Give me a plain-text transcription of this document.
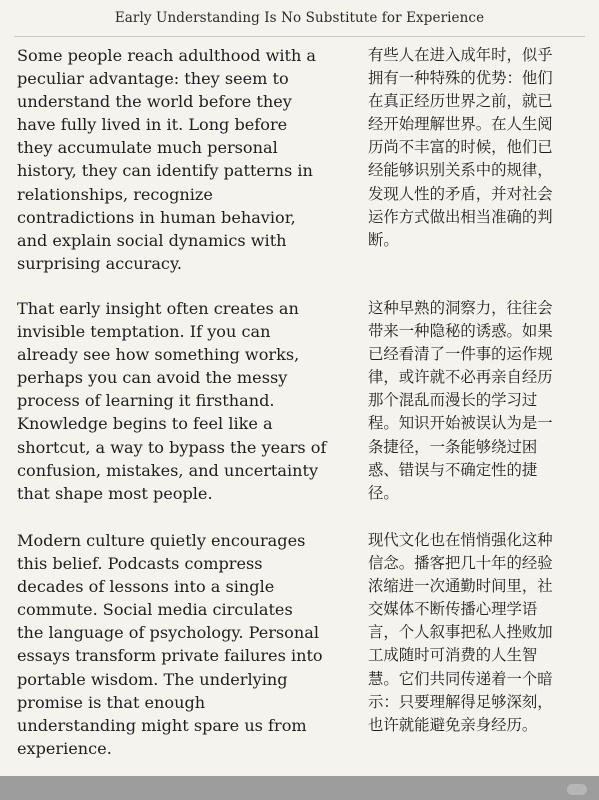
Early Understanding Is No Substitute for Experience
Some people reach adulthood with a
peculiar advantage: they seem to
understand the world before they
have fully lived in it. Long before
they accumulate much personal
history, they can identify patterns in
relationships, recognize
contradictions in human behavior,
and explain social dynamics with
surprising accuracy.
有些人在进入成年时，似乎
拥有一种特殊的优势：他们
在真正经历世界之前，就已
经开始理解世界。在人生阅
历尚不丰富的时候，他们已
经能够识别关系中的规律，
发现人性的矛盾，并对社会
运作方式做出相当准确的判
断。
That early insight often creates an
invisible temptation. If you can
already see how something works,
perhaps you can avoid the messy
process of learning it firsthand.
Knowledge begins to feel like a
shortcut, a way to bypass the years of
confusion, mistakes, and uncertainty
that shape most people.
这种早熟的洞察力，往往会
带来一种隐秘的诱惑。如果
已经看清了一件事的运作规
律，或许就不必再亲自经历
那个混乱而漫长的学习过
程。知识开始被误认为是一
条捷径，一条能够绕过困
惑、错误与不确定性的捷
径。
Modern culture quietly encourages
this belief. Podcasts compress
decades of lessons into a single
commute. Social media circulates
the language of psychology. Personal
essays transform private failures into
portable wisdom. The underlying
promise is that enough
understanding might spare us from
experience.
现代文化也在悄悄强化这种
信念。播客把几十年的经验
浓缩进一次通勤时间里，社
交媒体不断传播心理学语
言，个人叙事把私人挫败加
工成随时可消费的人生智
慧。它们共同传递着一个暗
示：只要理解得足够深刻，
也许就能避免亲身经历。
